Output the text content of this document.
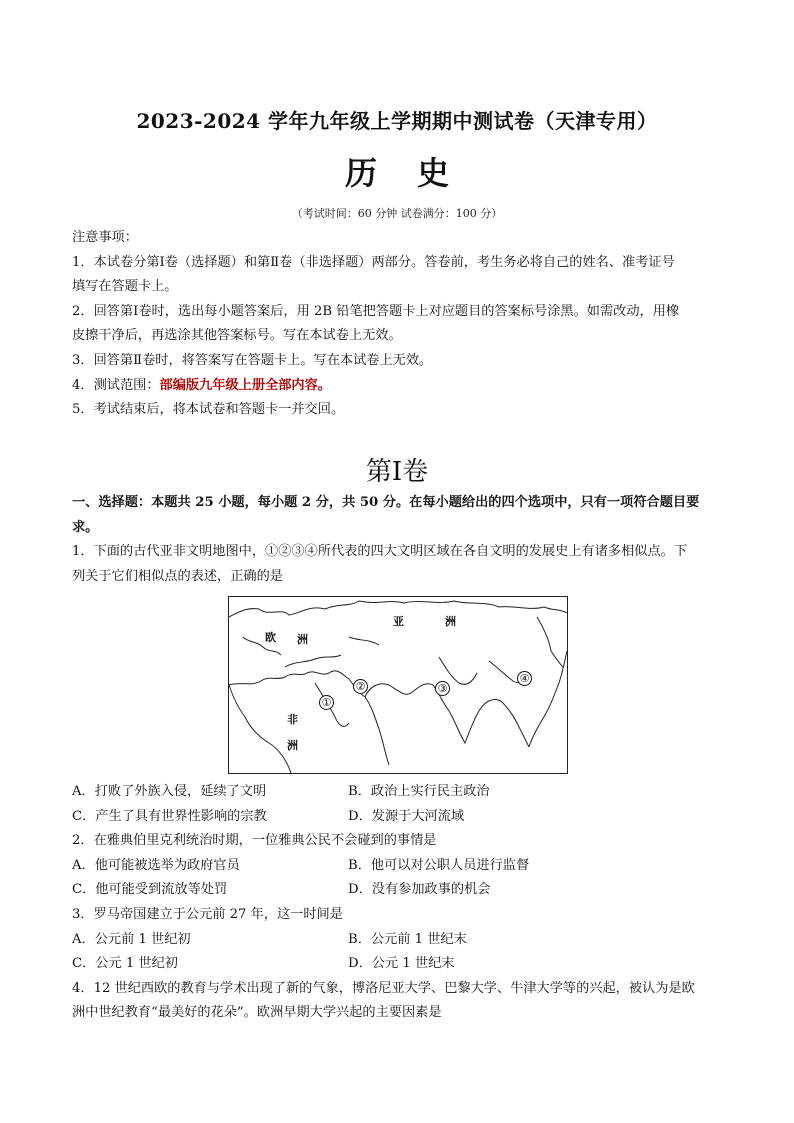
2023-2024 学年九年级上学期期中测试卷（天津专用）
历 史
（考试时间：60 分钟 试卷满分：100 分）
注意事项：
1．本试卷分第Ⅰ卷（选择题）和第Ⅱ卷（非选择题）两部分。答卷前，考生务必将自己的姓名、准考证号
填写在答题卡上。
2．回答第Ⅰ卷时，选出每小题答案后，用 2B 铅笔把答题卡上对应题目的答案标号涂黑。如需改动，用橡
皮擦干净后，再选涂其他答案标号。写在本试卷上无效。
3．回答第Ⅱ卷时，将答案写在答题卡上。写在本试卷上无效。
4．测试范围：部编版九年级上册全部内容。
5．考试结束后，将本试卷和答题卡一并交回。
第Ⅰ卷
一、选择题：本题共 25 小题，每小题 2 分，共 50 分。在每小题给出的四个选项中，只有一项符合题目要
求。
1．下面的古代亚非文明地图中，①②③④所代表的四大文明区域在各自文明的发展史上有诸多相似点。下
列关于它们相似点的表述，正确的是
欧 洲
亚	洲
非
洲
①
②	③
④
A．打败了外族入侵，延续了文明	B．政治上实行民主政治
C．产生了具有世界性影响的宗教	D．发源于大河流域
2．在雅典伯里克利统治时期，一位雅典公民不会碰到的事情是
A．他可能被选举为政府官员	B．他可以对公职人员进行监督
C．他可能受到流放等处罚	D．没有参加政事的机会
3．罗马帝国建立于公元前 27 年，这一时间是
A．公元前 1 世纪初	B．公元前 1 世纪末
C．公元 1 世纪初	D．公元 1 世纪末
4．12 世纪西欧的教育与学术出现了新的气象，博洛尼亚大学、巴黎大学、牛津大学等的兴起，被认为是欧
洲中世纪教育“最美好的花朵”。欧洲早期大学兴起的主要因素是
